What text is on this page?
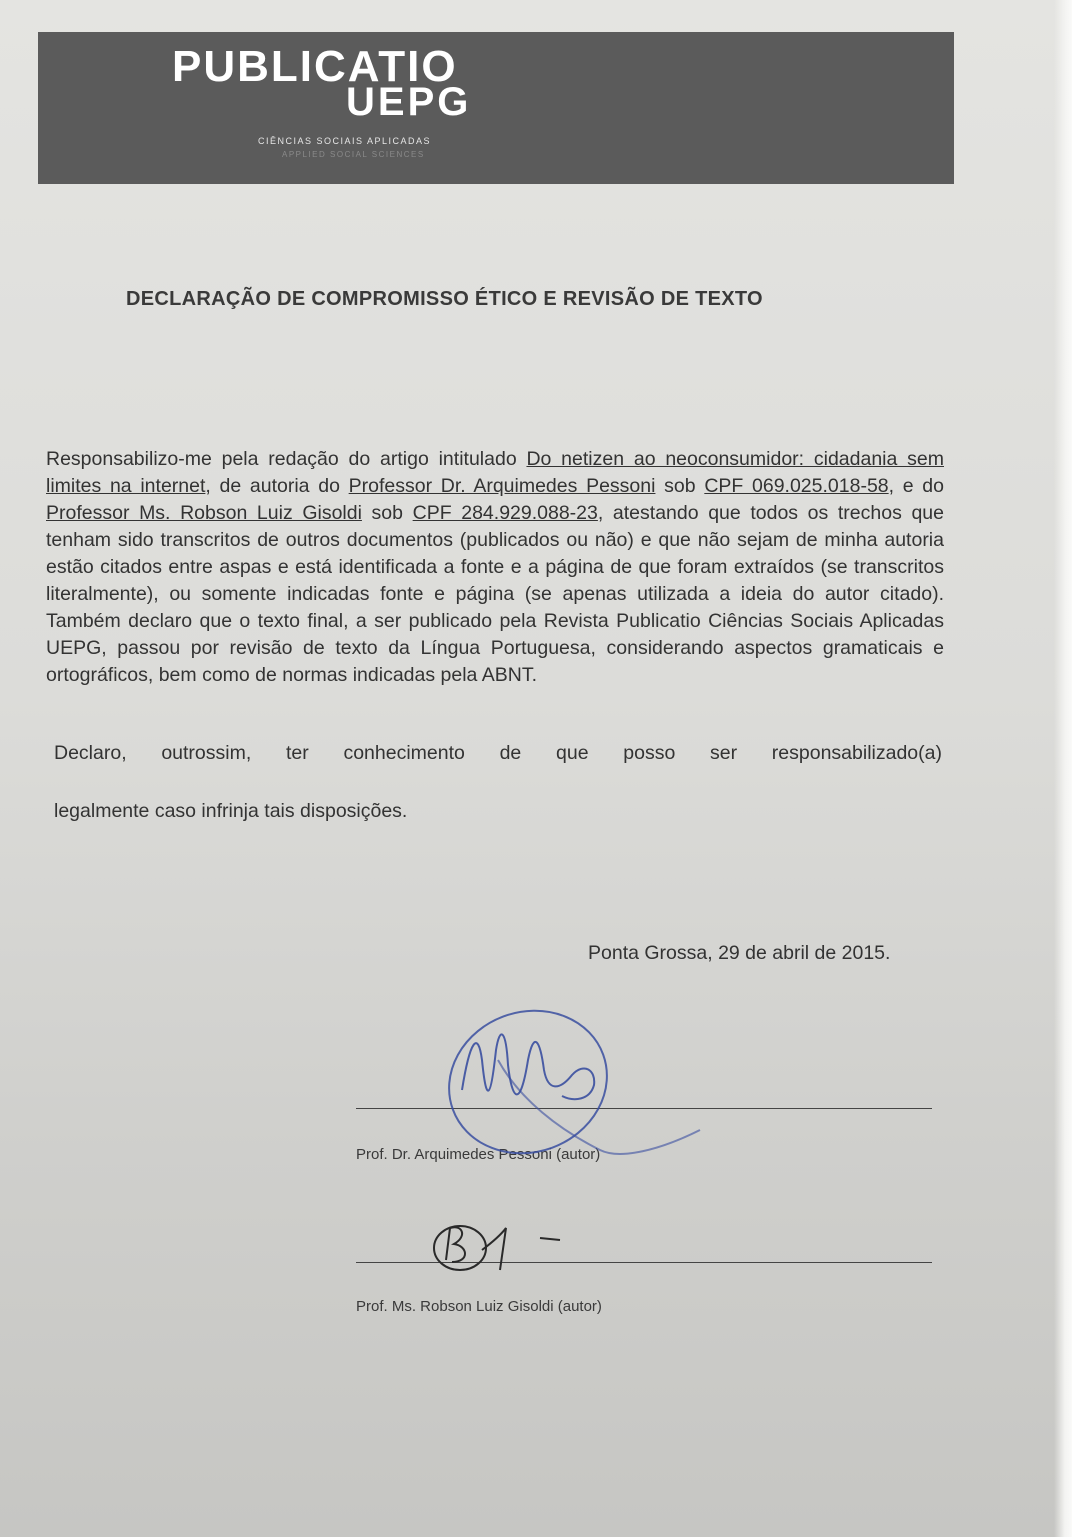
PUBLICATIO
UEPG
CIÊNCIAS SOCIAIS APLICADAS
APPLIED SOCIAL SCIENCES
DECLARAÇÃO DE COMPROMISSO ÉTICO E REVISÃO DE TEXTO
Responsabilizo-me pela redação do artigo intitulado Do netizen ao neoconsumidor: cidadania sem limites na internet, de autoria do Professor Dr. Arquimedes Pessoni sob CPF 069.025.018-58, e do Professor Ms. Robson Luiz Gisoldi sob CPF 284.929.088-23, atestando que todos os trechos que tenham sido transcritos de outros documentos (publicados ou não) e que não sejam de minha autoria estão citados entre aspas e está identificada a fonte e a página de que foram extraídos (se transcritos literalmente), ou somente indicadas fonte e página (se apenas utilizada a ideia do autor citado). Também declaro que o texto final, a ser publicado pela Revista Publicatio Ciências Sociais Aplicadas UEPG, passou por revisão de texto da Língua Portuguesa, considerando aspectos gramaticais e ortográficos, bem como de normas indicadas pela ABNT.
Declaro, outrossim, ter conhecimento de que posso ser responsabilizado(a)
legalmente caso infrinja tais disposições.
Ponta Grossa, 29 de abril de 2015.
Prof. Dr. Arquimedes Pessoni (autor)
Prof. Ms. Robson Luiz Gisoldi (autor)
